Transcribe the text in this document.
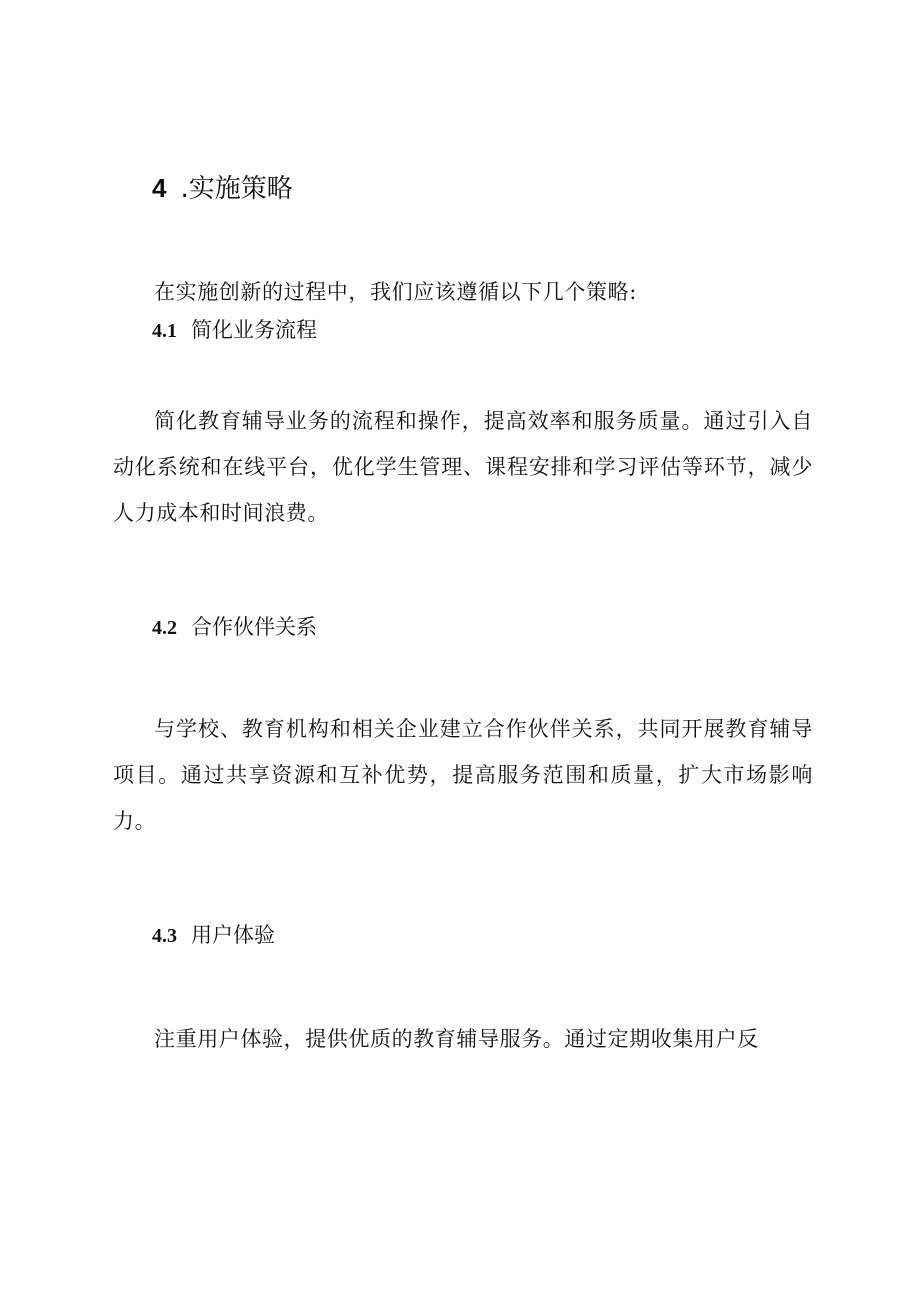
4 .实施策略

在实施创新的过程中，我们应该遵循以下几个策略:

4.1 简化业务流程

简化教育辅导业务的流程和操作，提高效率和服务质量。通过引入自动化系统和在线平台，优化学生管理、课程安排和学习评估等环节，减少人力成本和时间浪费。

4.2 合作伙伴关系

与学校、教育机构和相关企业建立合作伙伴关系，共同开展教育辅导项目。通过共享资源和互补优势，提高服务范围和质量，扩大市场影响力。

4.3 用户体验

注重用户体验，提供优质的教育辅导服务。通过定期收集用户反
